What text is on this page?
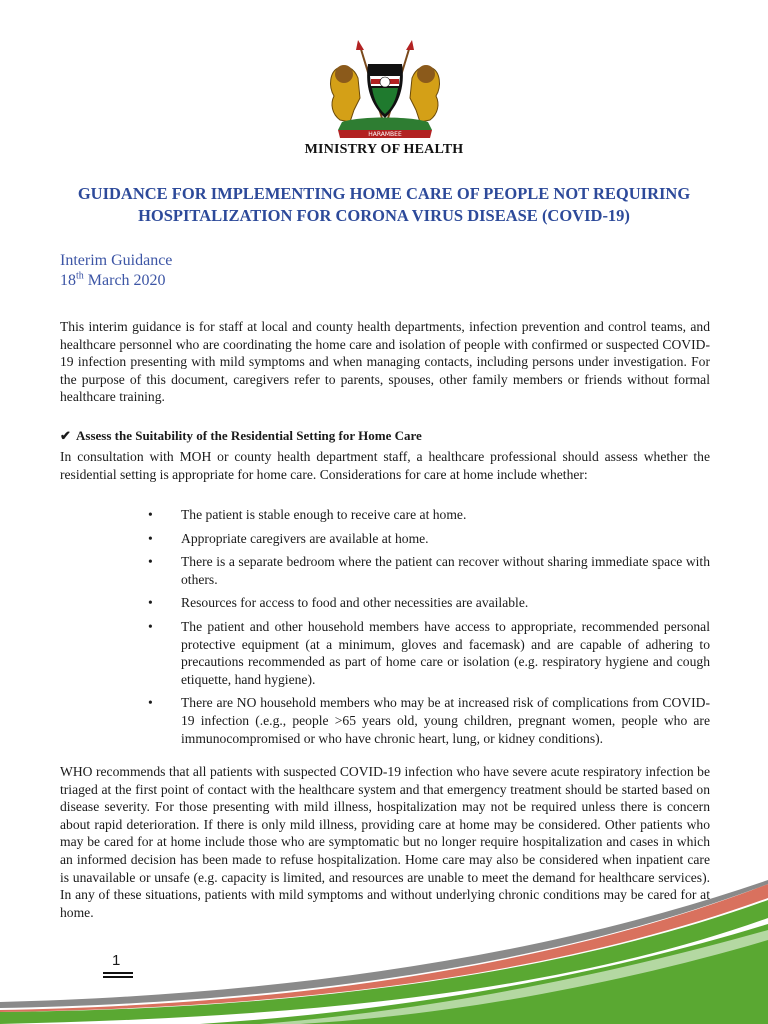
HARAMBEE
MINISTRY OF HEALTH
GUIDANCE FOR IMPLEMENTING HOME CARE OF PEOPLE NOT REQUIRING
HOSPITALIZATION FOR CORONA VIRUS DISEASE (COVID-19)
Interim Guidance
18th March 2020

This interim guidance is for staff at local and county health departments, infection prevention and control teams, and healthcare personnel who are coordinating the home care and isolation of people with confirmed or suspected COVID-19 infection presenting with mild symptoms and when managing contacts, including persons under investigation. For the purpose of this document, caregivers refer to parents, spouses, other family members or friends without formal healthcare training.

✔ Assess the Suitability of the Residential Setting for Home Care

In consultation with MOH or county health department staff, a healthcare professional should assess whether the residential setting is appropriate for home care. Considerations for care at home include whether:

• The patient is stable enough to receive care at home.
• Appropriate caregivers are available at home.
• There is a separate bedroom where the patient can recover without sharing immediate space with others.
• Resources for access to food and other necessities are available.
• The patient and other household members have access to appropriate, recommended personal protective equipment (at a minimum, gloves and facemask) and are capable of adhering to precautions recommended as part of home care or isolation (e.g. respiratory hygiene and cough etiquette, hand hygiene).
• There are NO household members who may be at increased risk of complications from COVID-19 infection (.e.g., people >65 years old, young children, pregnant women, people who are immunocompromised or who have chronic heart, lung, or kidney conditions).

WHO recommends that all patients with suspected COVID-19 infection who have severe acute respiratory infection be triaged at the first point of contact with the healthcare system and that emergency treatment should be started based on disease severity. For those presenting with mild illness, hospitalization may not be required unless there is concern about rapid deterioration. If there is only mild illness, providing care at home may be considered. Other patients who may be cared for at home include those who are symptomatic but no longer require hospitalization and cases in which an informed decision has been made to refuse hospitalization. Home care may also be considered when inpatient care is unavailable or unsafe (e.g. capacity is limited, and resources are unable to meet the demand for healthcare services). In any of these situations, patients with mild symptoms and without underlying chronic conditions may be cared for at home.

1
